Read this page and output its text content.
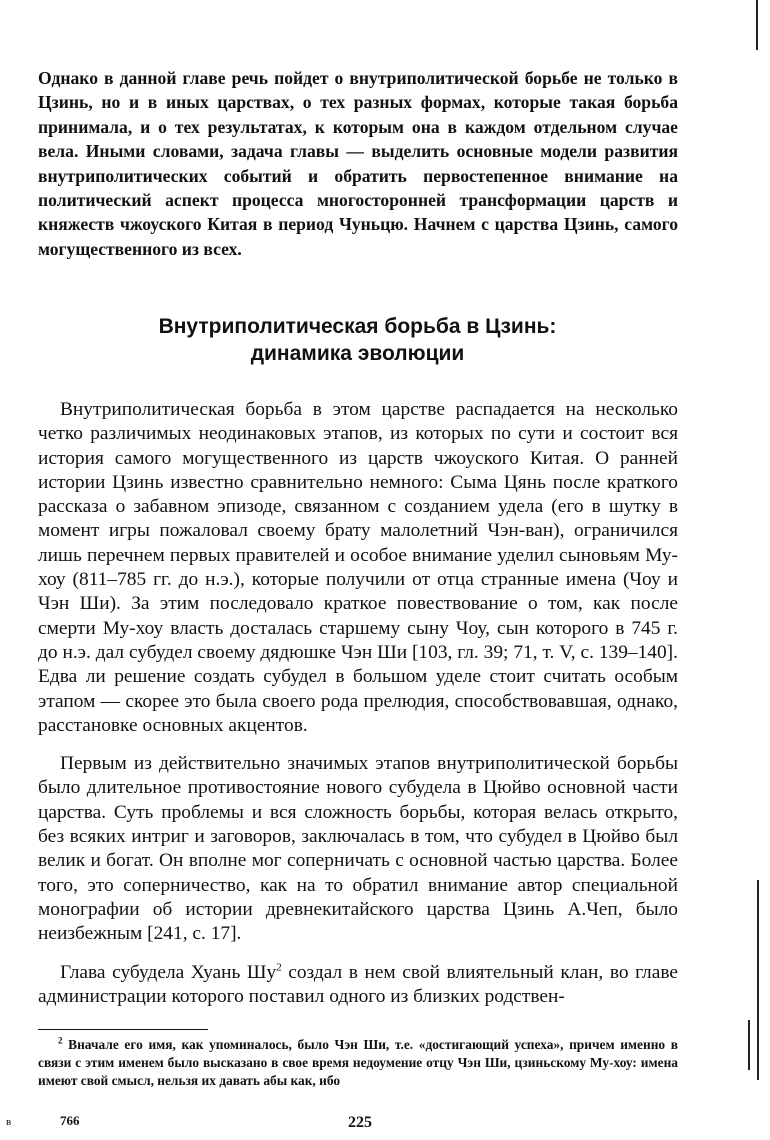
Однако в данной главе речь пойдет о внутриполитической борьбе не только в Цзинь, но и в иных царствах, о тех разных формах, которые такая борьба принимала, и о тех результатах, к которым она в каждом отдельном случае вела. Иными словами, задача главы — выделить основные модели развития внутриполитических событий и обратить первостепенное внимание на политический аспект процесса многосторонней трансформации царств и княжеств чжоуского Китая в период Чуньцю. Начнем с царства Цзинь, самого могущественного из всех.
Внутриполитическая борьба в Цзинь:
динамика эволюции

Внутриполитическая борьба в этом царстве распадается на несколько четко различимых неодинаковых этапов, из которых по сути и состоит вся история самого могущественного из царств чжоуского Китая. О ранней истории Цзинь известно сравнительно немного: Сыма Цянь после краткого рассказа о забавном эпизоде, связанном с созданием удела (его в шутку в момент игры пожаловал своему брату малолетний Чэн-ван), ограничился лишь перечнем первых правителей и особое внимание уделил сыновьям Му-хоу (811–785 гг. до н.э.), которые получили от отца странные имена (Чоу и Чэн Ши). За этим последовало краткое повествование о том, как после смерти Му-хоу власть досталась старшему сыну Чоу, сын которого в 745 г. до н.э. дал субудел своему дядюшке Чэн Ши [103, гл. 39; 71, т. V, с. 139–140]. Едва ли решение создать субудел в большом уделе стоит считать особым этапом — скорее это была своего рода прелюдия, способствовавшая, однако, расстановке основных акцентов.

Первым из действительно значимых этапов внутриполитической борьбы было длительное противостояние нового субудела в Цюйво основной части царства. Суть проблемы и вся сложность борьбы, которая велась открыто, без всяких интриг и заговоров, заключалась в том, что субудел в Цюйво был велик и богат. Он вполне мог соперничать с основной частью царства. Более того, это соперничество, как на то обратил внимание автор специальной монографии об истории древнекитайского царства Цзинь А.Чеп, было неизбежным [241, с. 17].

Глава субудела Хуань $Шу^2$ создал в нем свой влиятельный клан, во главе администрации которого поставил одного из близких родствен-

$^2$ Вначале его имя, как упоминалось, было Чэн Ши, т.е. «достигающий успеха», причем именно в связи с этим именем было высказано в свое время недоумение отцу Чэн Ши, цзиньскому Му-хоу: имена имеют свой смысл, нельзя их давать абы как, ибо

в	766	225
